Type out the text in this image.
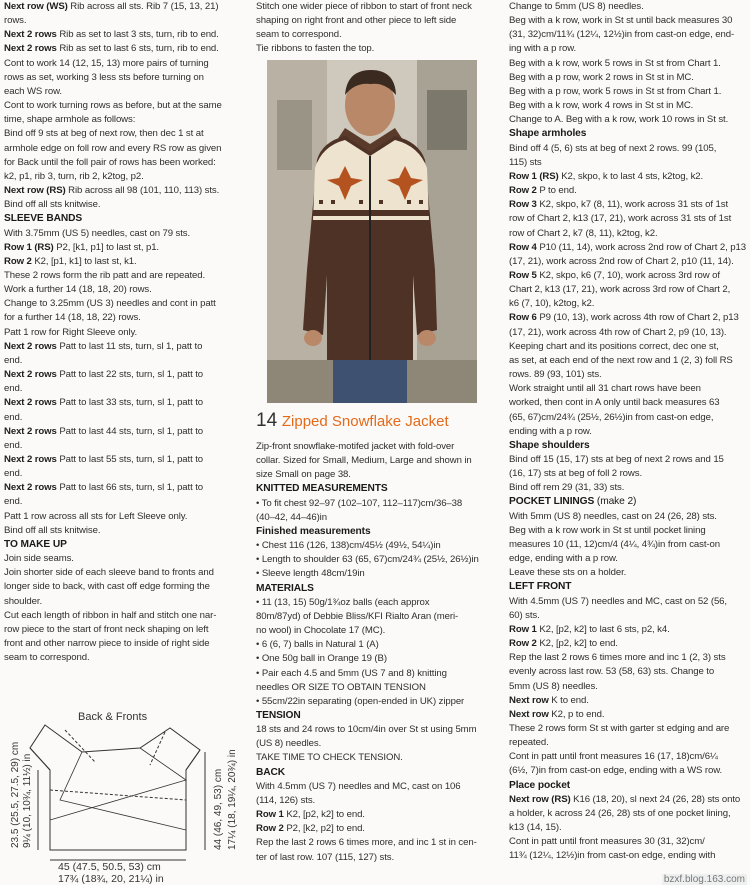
Next row (WS) Rib across all sts. Rib 7 (15, 13, 21) rows.

Next 2 rows Rib as set to last 3 sts, turn, rib to end.

Next 2 rows Rib as set to last 6 sts, turn, rib to end.

Cont to work 14 (12, 15, 13) more pairs of turning

rows as set, working 3 less sts before turning on

each WS row.

Cont to work turning rows as before, but at the same

time, shape armhole as follows:

Bind off 9 sts at beg of next row, then dec 1 st at

armhole edge on foll row and every RS row as given

for Back until the foll pair of rows has been worked:

k2, p1, rib 3, turn, rib 2, k2tog, p2.

Next row (RS) Rib across all 98 (101, 110, 113) sts.

Bind off all sts knitwise.

SLEEVE BANDS

With 3.75mm (US 5) needles, cast on 79 sts.

Row 1 (RS) P2, [k1, p1] to last st, p1.

Row 2 K2, [p1, k1] to last st, k1.

These 2 rows form the rib patt and are repeated.

Work a further 14 (18, 18, 20) rows.

Change to 3.25mm (US 3) needles and cont in patt

for a further 14 (18, 18, 22) rows.

Patt 1 row for Right Sleeve only.

Next 2 rows Patt to last 11 sts, turn, sl 1, patt to

end.

Next 2 rows Patt to last 22 sts, turn, sl 1, patt to

end.

Next 2 rows Patt to last 33 sts, turn, sl 1, patt to

end.

Next 2 rows Patt to last 44 sts, turn, sl 1, patt to

end.

Next 2 rows Patt to last 55 sts, turn, sl 1, patt to

end.

Next 2 rows Patt to last 66 sts, turn, sl 1, patt to

end.

Patt 1 row across all sts for Left Sleeve only.

Bind off all sts knitwise.

TO MAKE UP

Join side seams.

Join shorter side of each sleeve band to fronts and

longer side to back, with cast off edge forming the

shoulder.

Cut each length of ribbon in half and stitch one nar-

row piece to the start of front neck shaping on left

front and other narrow piece to inside of right side

seam to correspond.

Back & Fronts
23.5 (25.5, 27.5, 29) cm 9¼ (10, 10¾, 11½) in	44 (46, 49, 53) cm 17¼ (18, 19¼, 20¾) in
45 (47.5, 50.5, 53) cm
17¾ (18¾, 20, 21¼) in

Stitch one wider piece of ribbon to start of front neck

shaping on right front and other piece to left side

seam to correspond.

Tie ribbons to fasten the top.

14 Zipped Snowflake Jacket

Zip-front snowflake-motifed jacket with fold-over

collar. Sized for Small, Medium, Large and shown in

size Small on page 38.

KNITTED MEASUREMENTS

• To fit chest 92–97 (102–107, 112–117)cm/36–38

(40–42, 44–46)in

Finished measurements

• Chest 116 (126, 138)cm/45½ (49½, 54¼)in

• Length to shoulder 63 (65, 67)cm/24¾ (25½, 26½)in

• Sleeve length 48cm/19in

MATERIALS

• 11 (13, 15) 50g/1¾oz balls (each approx

80m/87yd) of Debbie Bliss/KFI Rialto Aran (meri-

no wool) in Chocolate 17 (MC).

• 6 (6, 7) balls in Natural 1 (A)

• One 50g ball in Orange 19 (B)

• Pair each 4.5 and 5mm (US 7 and 8) knitting

needles OR SIZE TO OBTAIN TENSION

• 55cm/22in separating (open-ended in UK) zipper

TENSION

18 sts and 24 rows to 10cm/4in over St st using 5mm

(US 8) needles.

TAKE TIME TO CHECK TENSION.

BACK

With 4.5mm (US 7) needles and MC, cast on 106

(114, 126) sts.

Row 1 K2, [p2, k2] to end.

Row 2 P2, [k2, p2] to end.

Rep the last 2 rows 6 times more, and inc 1 st in cen-

ter of last row. 107 (115, 127) sts.

Change to 5mm (US 8) needles.

Beg with a k row, work in St st until back measures 30

(31, 32)cm/11¾ (12¼, 12½)in from cast-on edge, end-

ing with a p row.

Beg with a k row, work 5 rows in St st from Chart 1.

Beg with a p row, work 2 rows in St st in MC.

Beg with a p row, work 5 rows in St st from Chart 1.

Beg with a k row, work 4 rows in St st in MC.

Change to A. Beg with a k row, work 10 rows in St st.

Shape armholes

Bind off 4 (5, 6) sts at beg of next 2 rows. 99 (105,

115) sts

Row 1 (RS) K2, skpo, k to last 4 sts, k2tog, k2.

Row 2 P to end.

Row 3 K2, skpo, k7 (8, 11), work across 31 sts of 1st

row of Chart 2, k13 (17, 21), work across 31 sts of 1st

row of Chart 2, k7 (8, 11), k2tog, k2.

Row 4 P10 (11, 14), work across 2nd row of Chart 2, p13

(17, 21), work across 2nd row of Chart 2, p10 (11, 14).

Row 5 K2, skpo, k6 (7, 10), work across 3rd row of

Chart 2, k13 (17, 21), work across 3rd row of Chart 2,

k6 (7, 10), k2tog, k2.

Row 6 P9 (10, 13), work across 4th row of Chart 2, p13

(17, 21), work across 4th row of Chart 2, p9 (10, 13).

Keeping chart and its positions correct, dec one st,

as set, at each end of the next row and 1 (2, 3) foll RS

rows. 89 (93, 101) sts.

Work straight until all 31 chart rows have been

worked, then cont in A only until back measures 63

(65, 67)cm/24¾ (25½, 26½)in from cast-on edge,

ending with a p row.

Shape shoulders

Bind off 15 (15, 17) sts at beg of next 2 rows and 15

(16, 17) sts at beg of foll 2 rows.

Bind off rem 29 (31, 33) sts.

POCKET LININGS (make 2)

With 5mm (US 8) needles, cast on 24 (26, 28) sts.

Beg with a k row work in St st until pocket lining

measures 10 (11, 12)cm/4 (4¼, 4¾)in from cast-on

edge, ending with a p row.

Leave these sts on a holder.

LEFT FRONT

With 4.5mm (US 7) needles and MC, cast on 52 (56,

60) sts.

Row 1 K2, [p2, k2] to last 6 sts, p2, k4.

Row 2 K2, [p2, k2] to end.

Rep the last 2 rows 6 times more and inc 1 (2, 3) sts

evenly across last row. 53 (58, 63) sts. Change to

5mm (US 8) needles.

Next row K to end.

Next row K2, p to end.

These 2 rows form St st with garter st edging and are

repeated.

Cont in patt until front measures 16 (17, 18)cm/6¼

(6½, 7)in from cast-on edge, ending with a WS row.

Place pocket

Next row (RS) K16 (18, 20), sl next 24 (26, 28) sts onto

a holder, k across 24 (26, 28) sts of one pocket lining,

k13 (14, 15).

Cont in patt until front measures 30 (31, 32)cm/

11¾ (12¼, 12½)in from cast-on edge, ending with

bzxf.blog.163.com
